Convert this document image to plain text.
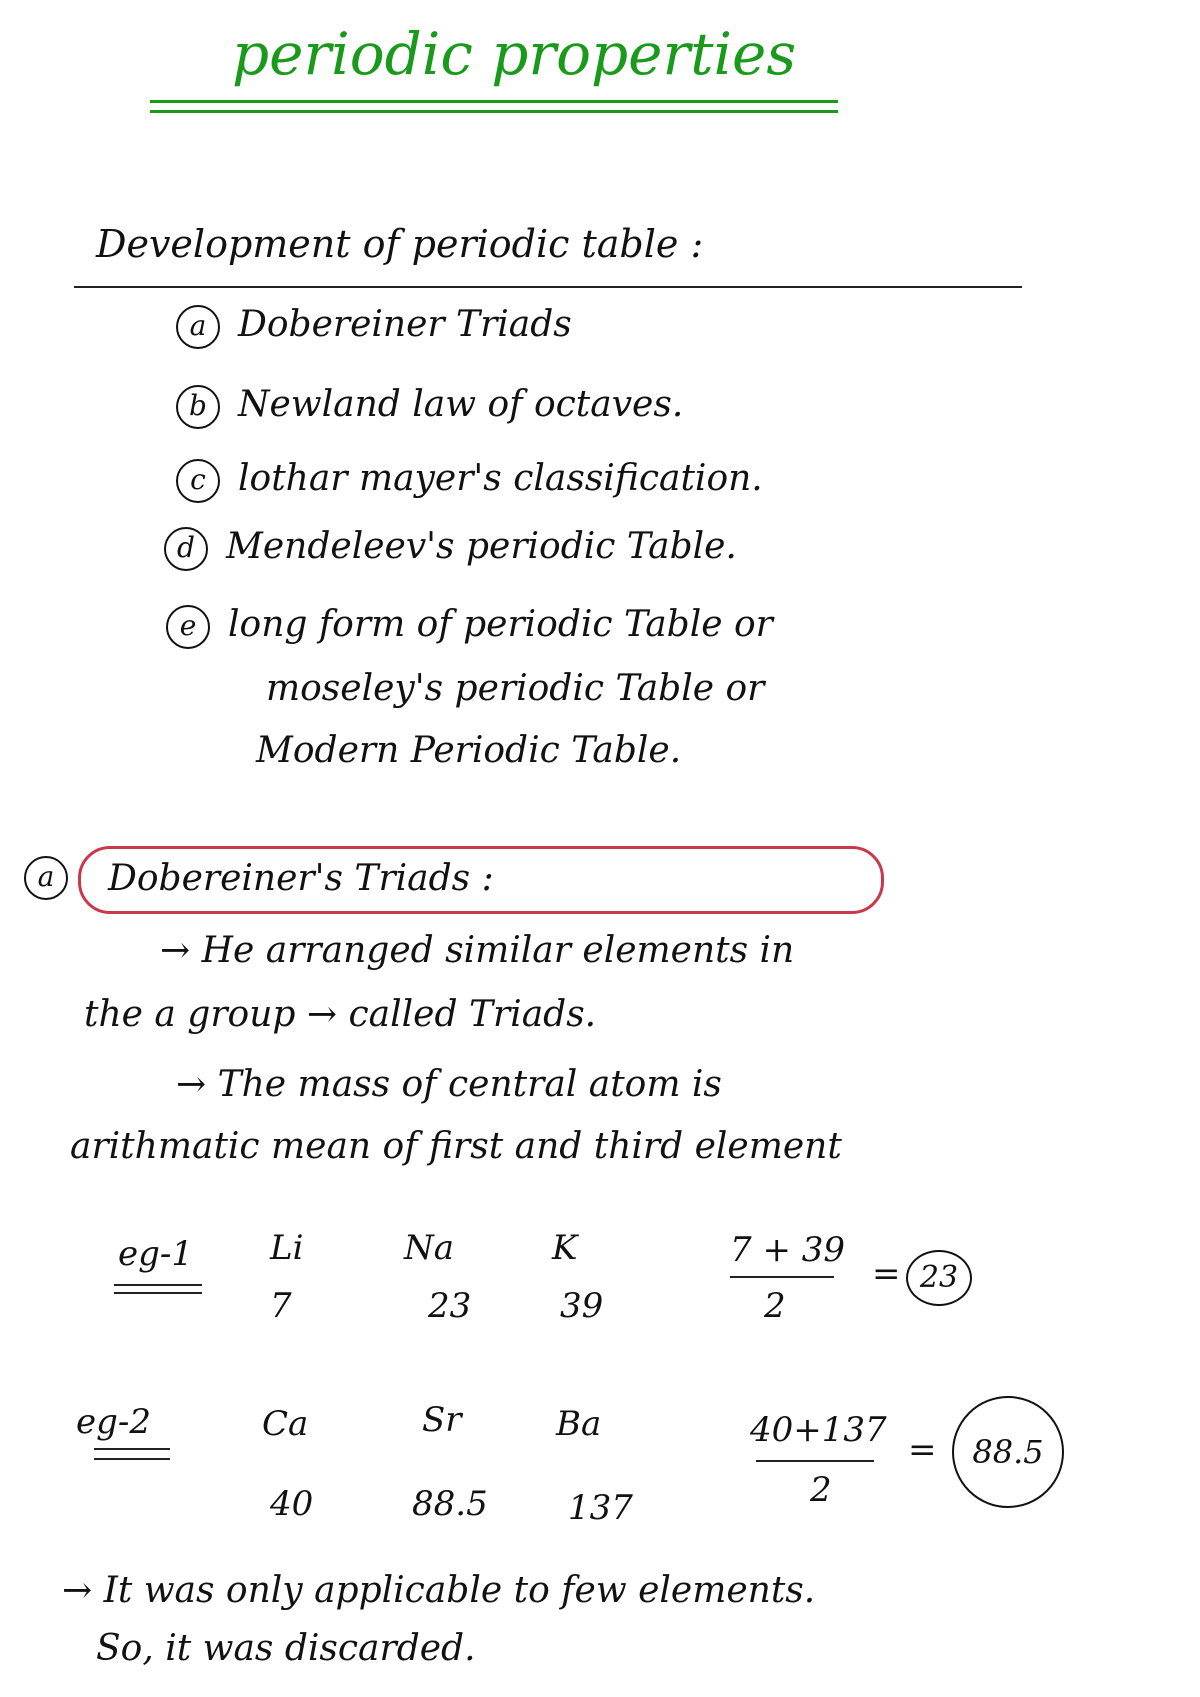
periodic properties
Development of periodic table :
a Dobereiner Triads
b Newland law of octaves.
c lothar mayer's classification.
d Mendeleev's periodic Table.
e long form of periodic Table or
moseley's periodic Table or
Modern Periodic Table.
a	Dobereiner's Triads :
→ He arranged similar elements in
the a group → called Triads.
→ The mass of central atom is
arithmatic mean of first and third element
eg-1 Li	Na	K
7	23	39
7 + 39
2
= 23
eg-2	Ca	Sr	Ba
40	88.5 137
40+137
2
=	88.5
→ It was only applicable to few elements.
So, it was discarded.
